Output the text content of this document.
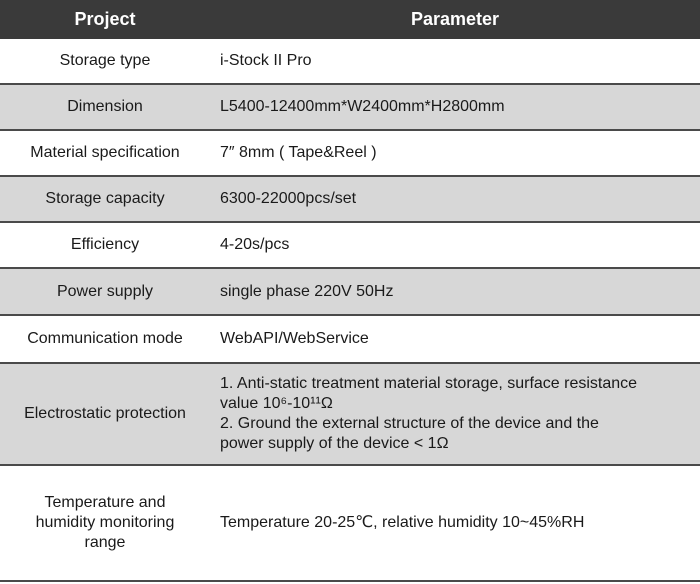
Project	Parameter
Storage type	i-Stock II Pro
Dimension	L5400-12400mm*W2400mm*H2800mm
Material specification	7″ 8mm ( Tape&Reel )
Storage capacity	6300-22000pcs/set
Efficiency	4-20s/pcs
Power supply	single phase 220V 50Hz
Communication mode	WebAPI/WebService
Electrostatic protection	1. Anti-static treatment material storage, surface resistance
value 10⁶-10¹¹Ω
2. Ground the external structure of the device and the
power supply of the device < 1Ω

Temperature and
humidity monitoring
range	Temperature 20-25℃, relative humidity 10~45%RH
